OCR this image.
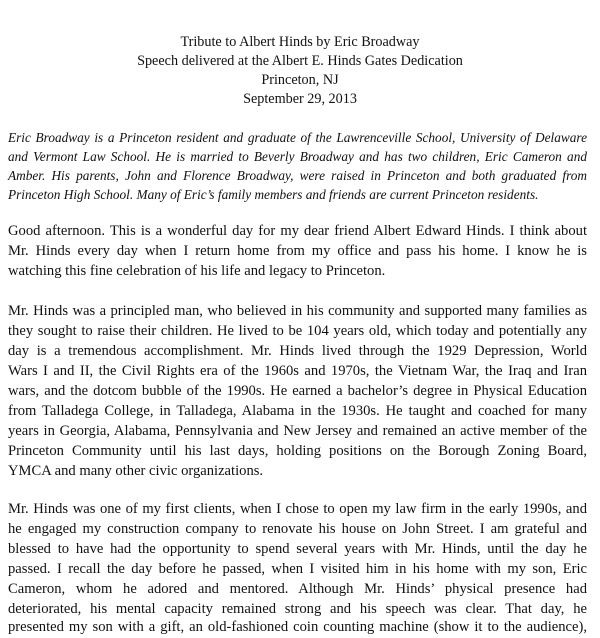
Tribute to Albert Hinds by Eric Broadway
Speech delivered at the Albert E. Hinds Gates Dedication
Princeton, NJ
September 29, 2013
Eric Broadway is a Princeton resident and graduate of the Lawrenceville School, University of Delaware
and Vermont Law School. He is married to Beverly Broadway and has two children, Eric Cameron and
Amber. His parents, John and Florence Broadway, were raised in Princeton and both graduated from
Princeton High School. Many of Eric’s family members and friends are current Princeton residents.
Good afternoon. This is a wonderful day for my dear friend Albert Edward Hinds. I think about
Mr. Hinds every day when I return home from my office and pass his home. I know he is
watching this fine celebration of his life and legacy to Princeton.
Mr. Hinds was a principled man, who believed in his community and supported many families as
they sought to raise their children. He lived to be 104 years old, which today and potentially any
day is a tremendous accomplishment. Mr. Hinds lived through the 1929 Depression, World
Wars I and II, the Civil Rights era of the 1960s and 1970s, the Vietnam War, the Iraq and Iran
wars, and the dotcom bubble of the 1990s. He earned a bachelor’s degree in Physical Education
from Talladega College, in Talladega, Alabama in the 1930s. He taught and coached for many
years in Georgia, Alabama, Pennsylvania and New Jersey and remained an active member of the
Princeton Community until his last days, holding positions on the Borough Zoning Board,
YMCA and many other civic organizations.
Mr. Hinds was one of my first clients, when I chose to open my law firm in the early 1990s, and
he engaged my construction company to renovate his house on John Street. I am grateful and
blessed to have had the opportunity to spend several years with Mr. Hinds, until the day he
passed. I recall the day before he passed, when I visited him in his home with my son, Eric
Cameron, whom he adored and mentored. Although Mr. Hinds’ physical presence had
deteriorated, his mental capacity remained strong and his speech was clear. That day, he
presented my son with a gift, an old-fashioned coin counting machine (show it to the audience),
